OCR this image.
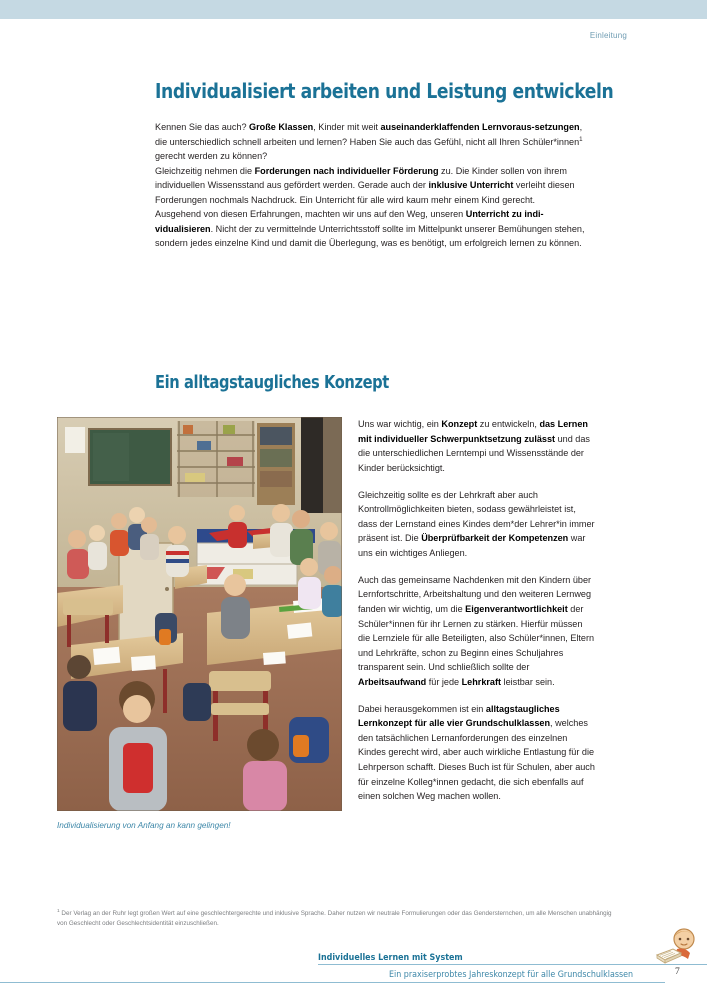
Einleitung
Individualisiert arbeiten und Leistung entwickeln

Kennen Sie das auch? Große Klassen, Kinder mit weit auseinanderklaffenden Lernvoraus-setzungen, die unterschiedlich schnell arbeiten und lernen? Haben Sie auch das Gefühl, nicht all Ihren Schüler*innen$^1$ gerecht werden zu können?

Gleichzeitig nehmen die Forderungen nach individueller Förderung zu. Die Kinder sollen von ihrem individuellen Wissensstand aus gefördert werden. Gerade auch der inklusive Unterricht verleiht diesen Forderungen nochmals Nachdruck. Ein Unterricht für alle wird kaum mehr einem Kind gerecht.

Ausgehend von diesen Erfahrungen, machten wir uns auf den Weg, unseren Unterricht zu indi-vidualisieren. Nicht der zu vermittelnde Unterrichtsstoff sollte im Mittelpunkt unserer Bemühungen stehen, sondern jedes einzelne Kind und damit die Überlegung, was es benötigt, um erfolgreich lernen zu können.

Ein alltagstaugliches Konzept
Individualisierung von Anfang an kann gelingen!

Uns war wichtig, ein Konzept zu entwickeln, das Lernen mit individueller Schwerpunktsetzung zulässt und das die unterschiedlichen Lerntempi und Wissensstände der Kinder berücksichtigt.

Gleichzeitig sollte es der Lehrkraft aber auch Kontrollmöglichkeiten bieten, sodass gewährleistet ist, dass der Lernstand eines Kindes dem*der Lehrer*in immer präsent ist. Die Überprüfbarkeit der Kompetenzen war uns ein wichtiges Anliegen.

Auch das gemeinsame Nachdenken mit den Kindern über Lernfortschritte, Arbeitshaltung und den weiteren Lernweg fanden wir wichtig, um die Eigenverantwortlichkeit der Schüler*innen für ihr Lernen zu stärken. Hierfür müssen die Lernziele für alle Beteiligten, also Schüler*innen, Eltern und Lehrkräfte, schon zu Beginn eines Schuljahres transparent sein. Und schließlich sollte der Arbeitsaufwand für jede Lehrkraft leistbar sein.

Dabei herausgekommen ist ein alltagstaugliches Lernkonzept für alle vier Grundschulklassen, welches den tatsächlichen Lernanforderungen des einzelnen Kindes gerecht wird, aber auch wirkliche Entlastung für die Lehrperson schafft. Dieses Buch ist für Schulen, aber auch für einzelne Kolleg*innen gedacht, die sich ebenfalls auf einen solchen Weg machen wollen.

$^1$ Der Verlag an der Ruhr legt großen Wert auf eine geschlechtergerechte und inklusive Sprache. Daher nutzen wir neutrale Formulierungen oder das Gendersternchen, um alle Menschen unabhängig von Geschlecht oder Geschlechtsidentität einzuschließen.
Individuelles Lernen mit System
Ein praxiserprobtes Jahreskonzept für alle Grundschulklassen	7
